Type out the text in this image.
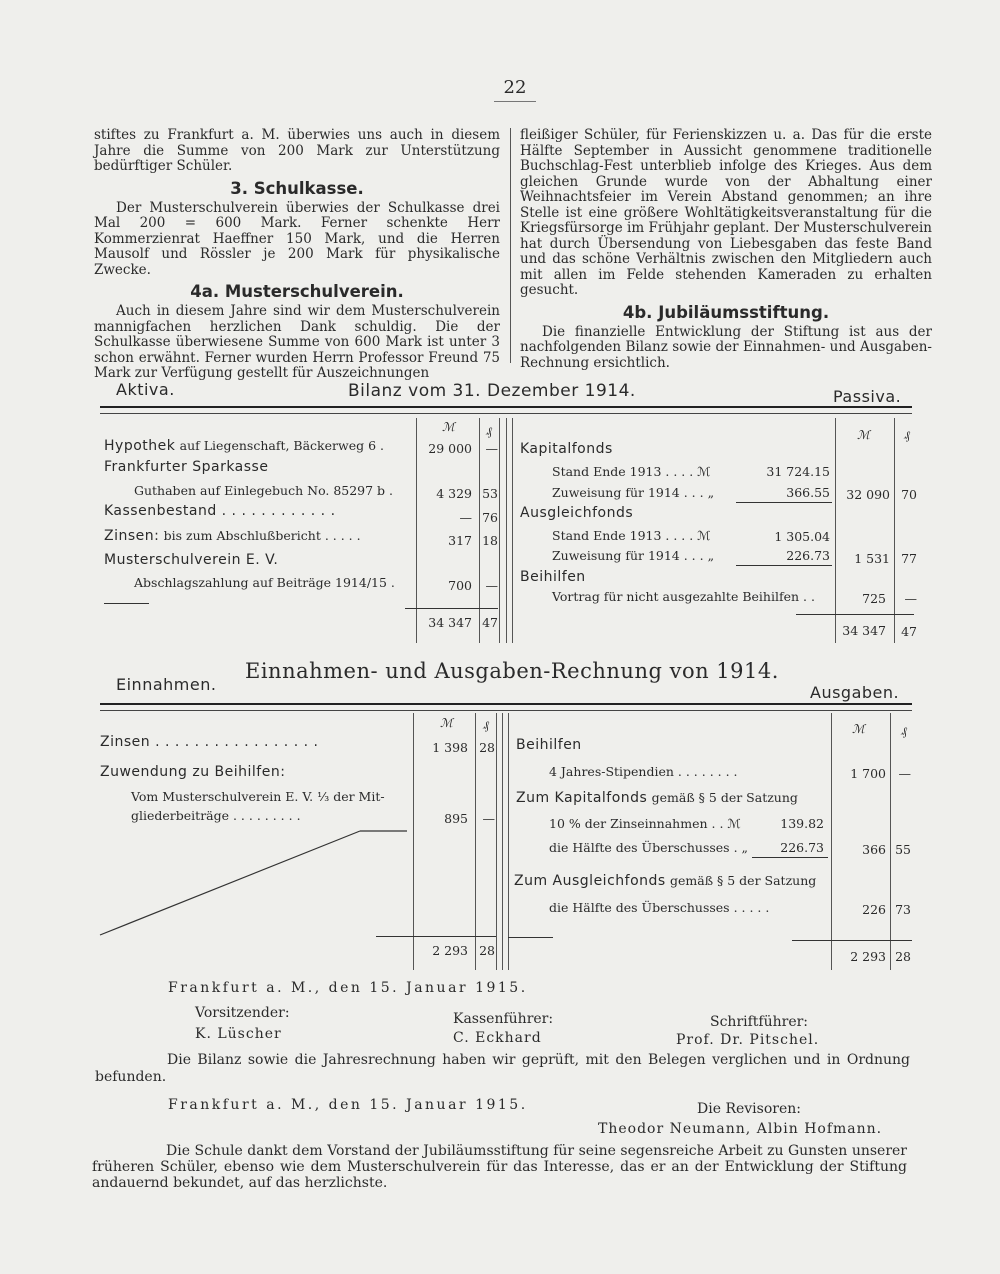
22

stiftes zu Frankfurt a. M. überwies uns auch in diesem Jahre die Summe von 200 Mark zur Unterstützung bedürftiger Schüler.

3. Schulkasse.

Der Musterschulverein überwies der Schulkasse drei Mal 200 = 600 Mark. Ferner schenkte Herr Kommerzienrat Haeffner 150 Mark, und die Herren Mausolf und Rössler je 200 Mark für physikalische Zwecke.

4a. Musterschulverein.

Auch in diesem Jahre sind wir dem Musterschulverein mannigfachen herzlichen Dank schuldig. Die der Schulkasse überwiesene Summe von 600 Mark ist unter 3 schon erwähnt. Ferner wurden Herrn Professor Freund 75 Mark zur Verfügung gestellt für Auszeichnungen

fleißiger Schüler, für Ferienskizzen u. a. Das für die erste Hälfte September in Aussicht genommene traditionelle Buchschlag-Fest unterblieb infolge des Krieges. Aus dem gleichen Grunde wurde von der Abhaltung einer Weihnachtsfeier im Verein Abstand genommen; an ihre Stelle ist eine größere Wohltätigkeitsveranstaltung für die Kriegsfürsorge im Frühjahr geplant. Der Musterschulverein hat durch Übersendung von Liebesgaben das feste Band und das schöne Verhältnis zwischen den Mitgliedern auch mit allen im Felde stehenden Kameraden zu erhalten gesucht.

4b. Jubiläumsstiftung.

Die finanzielle Entwicklung der Stiftung ist aus der nachfolgenden Bilanz sowie der Einnahmen- und Ausgaben-Rechnung ersichtlich.

Aktiva.	Bilanz vom 31. Dezember 1914.	Passiva.
ℳ	₰	ℳ	₰
Hypothek auf Liegenschaft, Bäckerweg 6 .	29 000 —
Frankfurter Sparkasse
Guthaben auf Einlegebuch No. 85297 b .	4 329 53
Kassenbestand . . . . . . . . . . . .	— 76
Zinsen: bis zum Abschlußbericht . . . . .	317 18
Musterschulverein E. V.
Abschlagszahlung auf Beiträge 1914/15 .	700 —
34 347 47
Kapitalfonds
Stand Ende 1913 . . . . ℳ	31 724.15
Zuweisung für 1914 . . . „	366.55	32 090 70
Ausgleichfonds
Stand Ende 1913 . . . . ℳ	1 305.04
Zuweisung für 1914 . . . „	226.73	1 531 77
Beihilfen
Vortrag für nicht ausgezahlte Beihilfen . .	725	—
34 347	47
Einnahmen.
Einnahmen- und Ausgaben-Rechnung von 1914.
Ausgaben.
ℳ	₰	ℳ	₰
Zinsen . . . . . . . . . . . . . . . . .	1 398 28
Zuwendung zu Beihilfen:
Vom Musterschulverein E. V. ⅓ der Mit-
gliederbeiträge . . . . . . . . .	895	—
2 293 28
Beihilfen
4 Jahres-Stipendien . . . . . . . .	1 700	—
Zum Kapitalfonds gemäß § 5 der Satzung
10 % der Zinseinnahmen . . ℳ	139.82
die Hälfte des Überschusses . „	226.73	366 55
Zum Ausgleichfonds gemäß § 5 der Satzung
die Hälfte des Überschusses . . . . .	226 73
2 293 28
Frankfurt a. M., den 15. Januar 1915.
Vorsitzender:
K. Lüscher
Kassenführer:
C. Eckhard
Schriftführer:
Prof. Dr. Pitschel.
Die Bilanz sowie die Jahresrechnung haben wir geprüft, mit den Belegen verglichen und in Ordnung befunden.
Frankfurt a. M., den 15. Januar 1915.	Die Revisoren:
Theodor Neumann, Albin Hofmann.
Die Schule dankt dem Vorstand der Jubiläumsstiftung für seine segensreiche Arbeit zu Gunsten unserer früheren Schüler, ebenso wie dem Musterschulverein für das Interesse, das er an der Entwicklung der Stiftung andauernd bekundet, auf das herzlichste.
